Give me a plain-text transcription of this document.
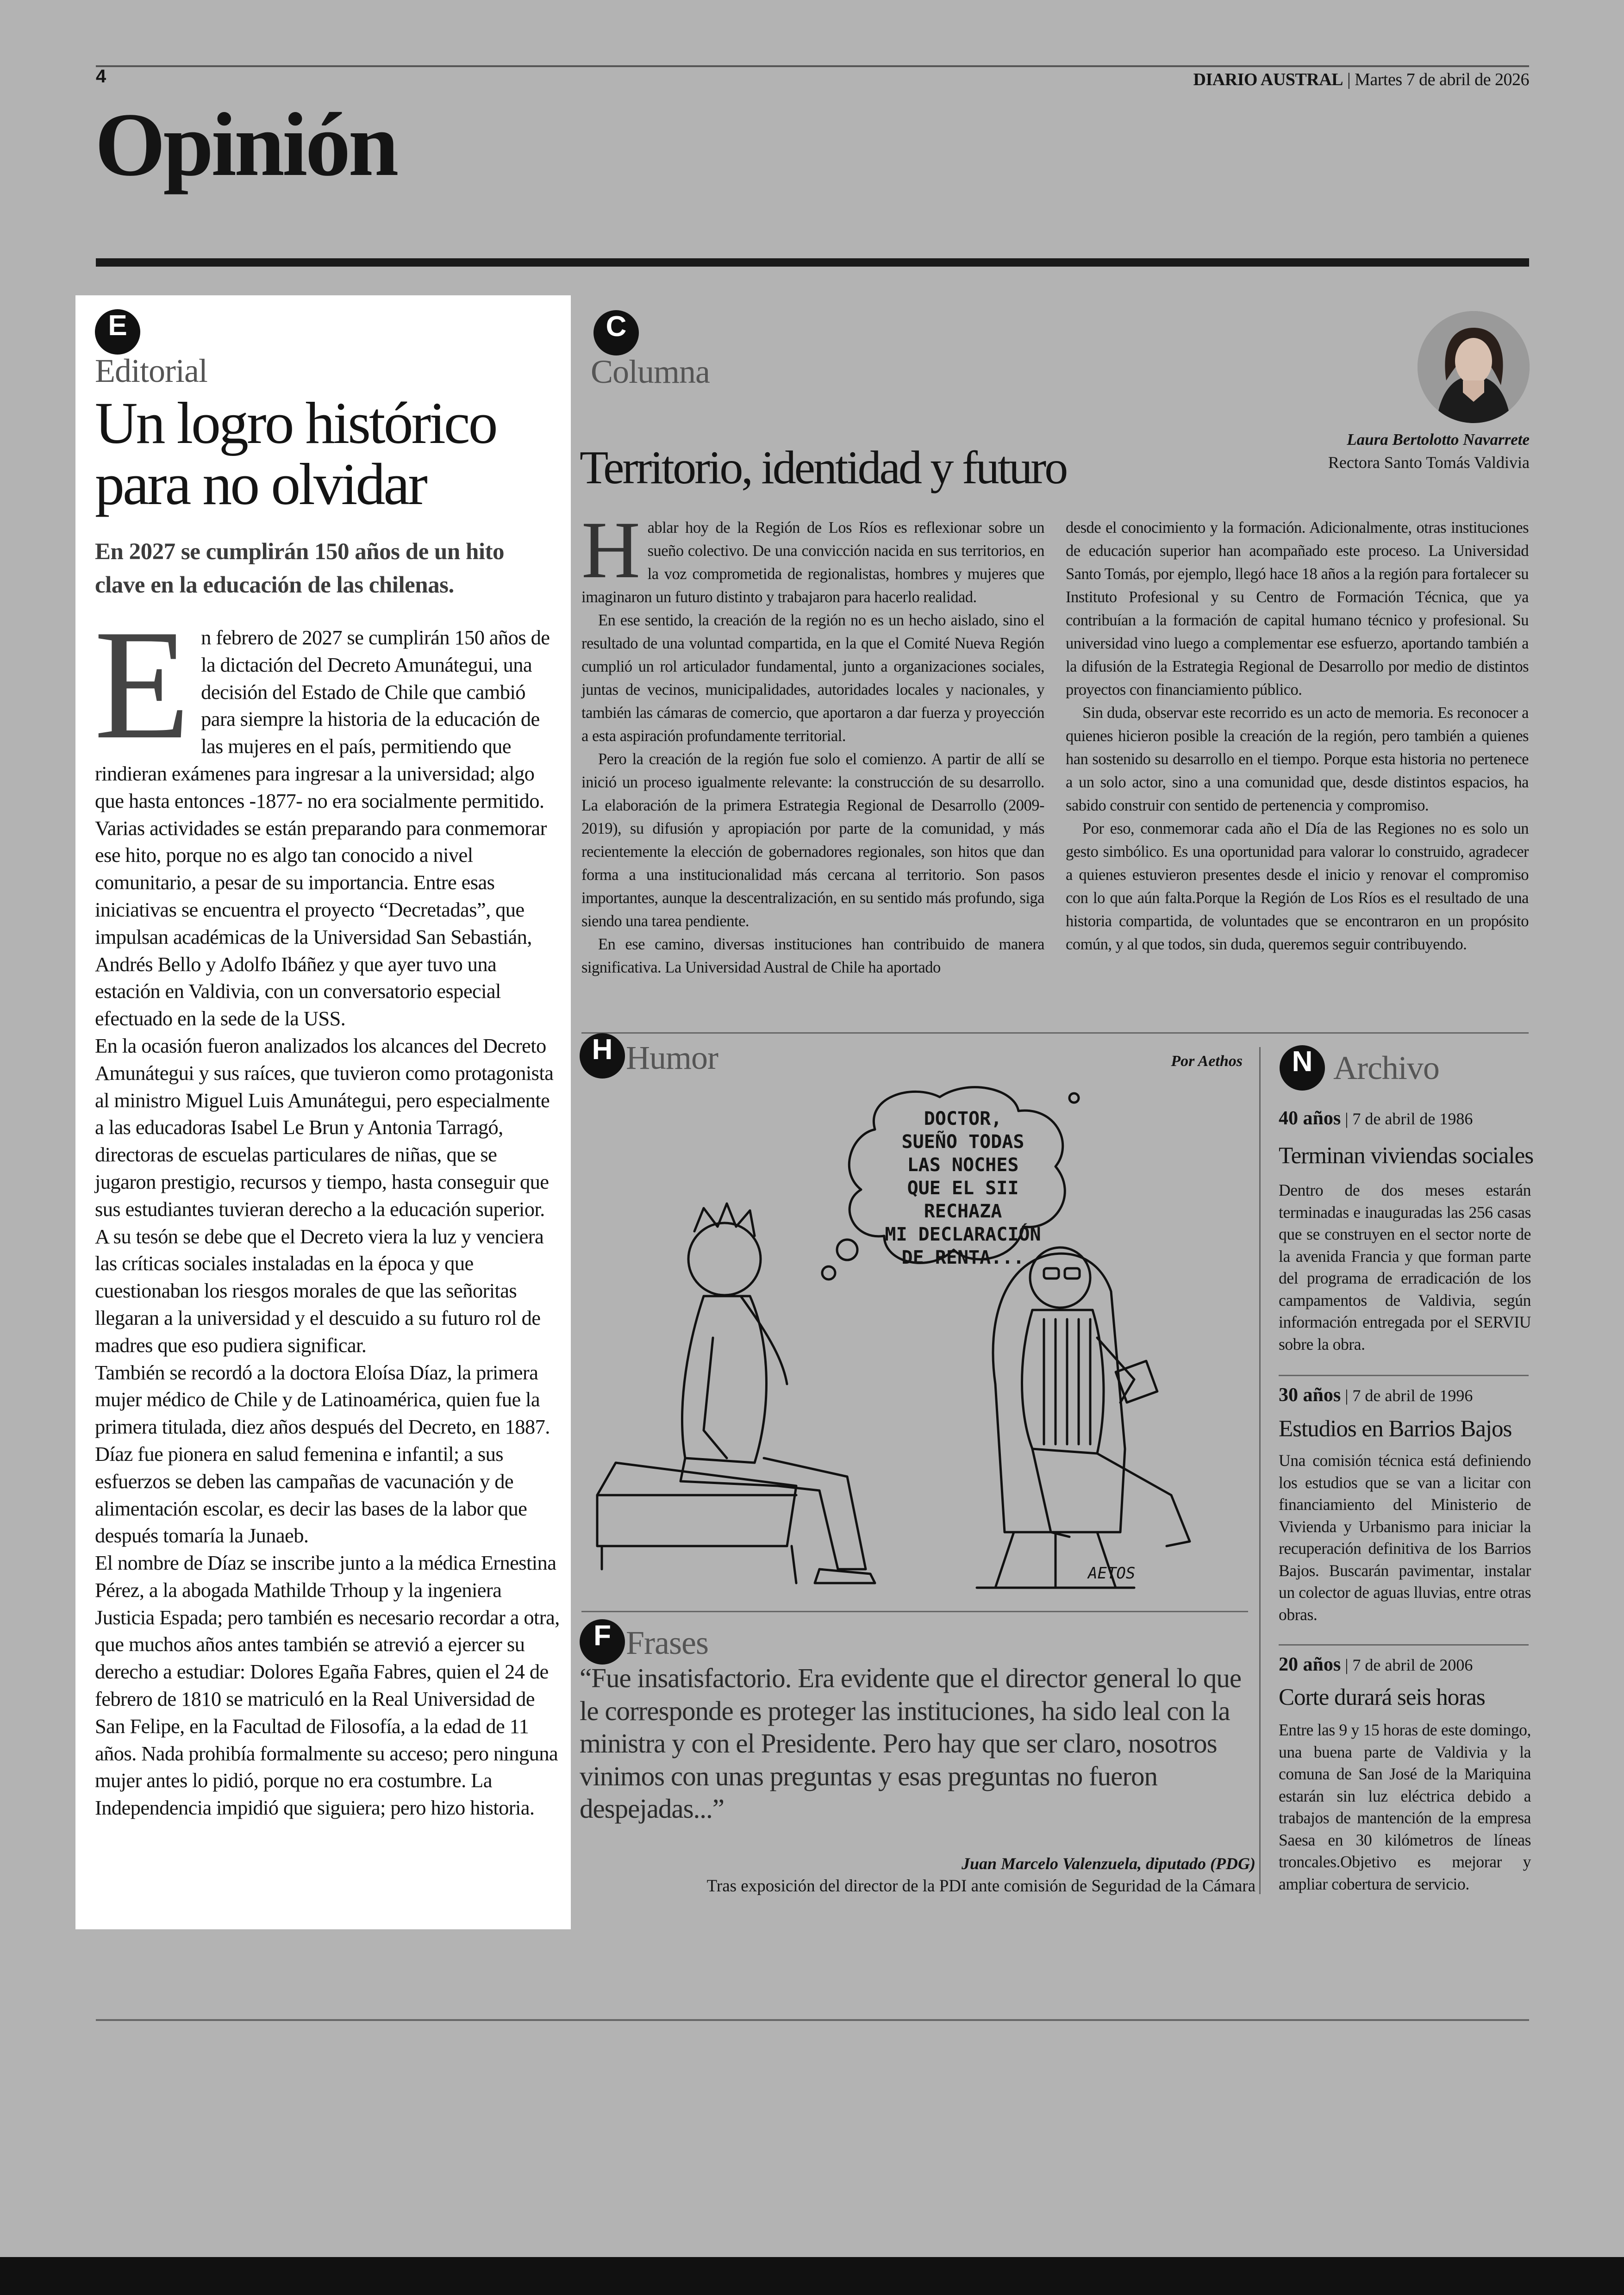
4	DIARIO AUSTRAL | Martes 7 de abril de 2026
Opinión
E
Editorial
Un logro histórico para no olvidar
En 2027 se cumplirán 150 años de un hito clave en la educación de las chilenas.

En febrero de 2027 se cumplirán 150 años de la dictación del Decreto Amunátegui, una decisión del Estado de Chile que cambió para siempre la historia de la educación de las mujeres en el país, permitiendo que rindieran exámenes para ingresar a la universidad; algo que hasta entonces -1877- no era socialmente permitido.

Varias actividades se están preparando para conmemorar ese hito, porque no es algo tan conocido a nivel comunitario, a pesar de su importancia. Entre esas iniciativas se encuentra el proyecto “Decretadas”, que impulsan académicas de la Universidad San Sebastián, Andrés Bello y Adolfo Ibáñez y que ayer tuvo una estación en Valdivia, con un conversatorio especial efectuado en la sede de la USS.

En la ocasión fueron analizados los alcances del Decreto Amunátegui y sus raíces, que tuvieron como protagonista al ministro Miguel Luis Amunátegui, pero especialmente a las educadoras Isabel Le Brun y Antonia Tarragó, directoras de escuelas particulares de niñas, que se jugaron prestigio, recursos y tiempo, hasta conseguir que sus estudiantes tuvieran derecho a la educación superior. A su tesón se debe que el Decreto viera la luz y venciera las críticas sociales instaladas en la época y que cuestionaban los riesgos morales de que las señoritas llegaran a la universidad y el descuido a su futuro rol de madres que eso pudiera significar.

También se recordó a la doctora Eloísa Díaz, la primera mujer médico de Chile y de Latinoamérica, quien fue la primera titulada, diez años después del Decreto, en 1887. Díaz fue pionera en salud femenina e infantil; a sus esfuerzos se deben las campañas de vacunación y de alimentación escolar, es decir las bases de la labor que después tomaría la Junaeb.

El nombre de Díaz se inscribe junto a la médica Ernestina Pérez, a la abogada Mathilde Trhoup y la ingeniera Justicia Espada; pero también es necesario recordar a otra, que muchos años antes también se atrevió a ejercer su derecho a estudiar: Dolores Egaña Fabres, quien el 24 de febrero de 1810 se matriculó en la Real Universidad de San Felipe, en la Facultad de Filosofía, a la edad de 11 años. Nada prohibía formalmente su acceso; pero ninguna mujer antes lo pidió, porque no era costumbre. La Independencia impidió que siguiera; pero hizo historia.

C
Columna
Laura Bertolotto Navarrete
Rectora Santo Tomás Valdivia
Territorio, identidad y futuro

Hablar hoy de la Región de Los Ríos es reflexionar sobre un sueño colectivo. De una convicción nacida en sus territorios, en la voz comprometida de regionalistas, hombres y mujeres que imaginaron un futuro distinto y trabajaron para hacerlo realidad.

En ese sentido, la creación de la región no es un hecho aislado, sino el resultado de una voluntad compartida, en la que el Comité Nueva Región cumplió un rol articulador fundamental, junto a organizaciones sociales, juntas de vecinos, municipalidades, autoridades locales y nacionales, y también las cámaras de comercio, que aportaron a dar fuerza y proyección a esta aspiración profundamente territorial.

Pero la creación de la región fue solo el comienzo. A partir de allí se inició un proceso igualmente relevante: la construcción de su desarrollo. La elaboración de la primera Estrategia Regional de Desarrollo (2009-2019), su difusión y apropiación por parte de la comunidad, y más recientemente la elección de gobernadores regionales, son hitos que dan forma a una institucionalidad más cercana al territorio. Son pasos importantes, aunque la descentralización, en su sentido más profundo, siga siendo una tarea pendiente.

En ese camino, diversas instituciones han contribuido de manera significativa. La Universidad Austral de Chile ha aportado

desde el conocimiento y la formación. Adicionalmente, otras instituciones de educación superior han acompañado este proceso. La Universidad Santo Tomás, por ejemplo, llegó hace 18 años a la región para fortalecer su Instituto Profesional y su Centro de Formación Técnica, que ya contribuían a la formación de capital humano técnico y profesional. Su universidad vino luego a complementar ese esfuerzo, aportando también a la difusión de la Estrategia Regional de Desarrollo por medio de distintos proyectos con financiamiento público.

Sin duda, observar este recorrido es un acto de memoria. Es reconocer a quienes hicieron posible la creación de la región, pero también a quienes han sostenido su desarrollo en el tiempo. Porque esta historia no pertenece a un solo actor, sino a una comunidad que, desde distintos espacios, ha sabido construir con sentido de pertenencia y compromiso.

Por eso, conmemorar cada año el Día de las Regiones no es solo un gesto simbólico. Es una oportunidad para valorar lo construido, agradecer a quienes estuvieron presentes desde el inicio y renovar el compromiso con lo que aún falta.Porque la Región de Los Ríos es el resultado de una historia compartida, de voluntades que se encontraron en un propósito común, y al que todos, sin duda, queremos seguir contribuyendo.

H Humor	Por Aethos
AETOS
DOCTOR,
SUEÑO TODAS
LAS NOCHES
QUE EL SII RECHAZA
MI DECLARACIÓN
DE RENTA...
F Frases
“Fue insatisfactorio. Era evidente que el director general lo que le corresponde es proteger las instituciones, ha sido leal con la ministra y con el Presidente. Pero hay que ser claro, nosotros vinimos con unas preguntas y esas preguntas no fueron despejadas...”
Juan Marcelo Valenzuela, diputado (PDG)
Tras exposición del director de la PDI ante comisión de Seguridad de la Cámara
N Archivo
40 años | 7 de abril de 1986
Terminan viviendas sociales
Dentro de dos meses estarán terminadas e inauguradas las 256 casas que se construyen en el sector norte de la avenida Francia y que forman parte del programa de erradicación de los campamentos de Valdivia, según información entregada por el SERVIU sobre la obra.
30 años | 7 de abril de 1996
Estudios en Barrios Bajos
Una comisión técnica está definiendo los estudios que se van a licitar con financiamiento del Ministerio de Vivienda y Urbanismo para iniciar la recuperación definitiva de los Barrios Bajos. Buscarán pavimentar, instalar un colector de aguas lluvias, entre otras obras.
20 años | 7 de abril de 2006
Corte durará seis horas
Entre las 9 y 15 horas de este domingo, una buena parte de Valdivia y la comuna de San José de la Mariquina estarán sin luz eléctrica debido a trabajos de mantención de la empresa Saesa en 30 kilómetros de líneas troncales.Objetivo es mejorar y ampliar cobertura de servicio.
